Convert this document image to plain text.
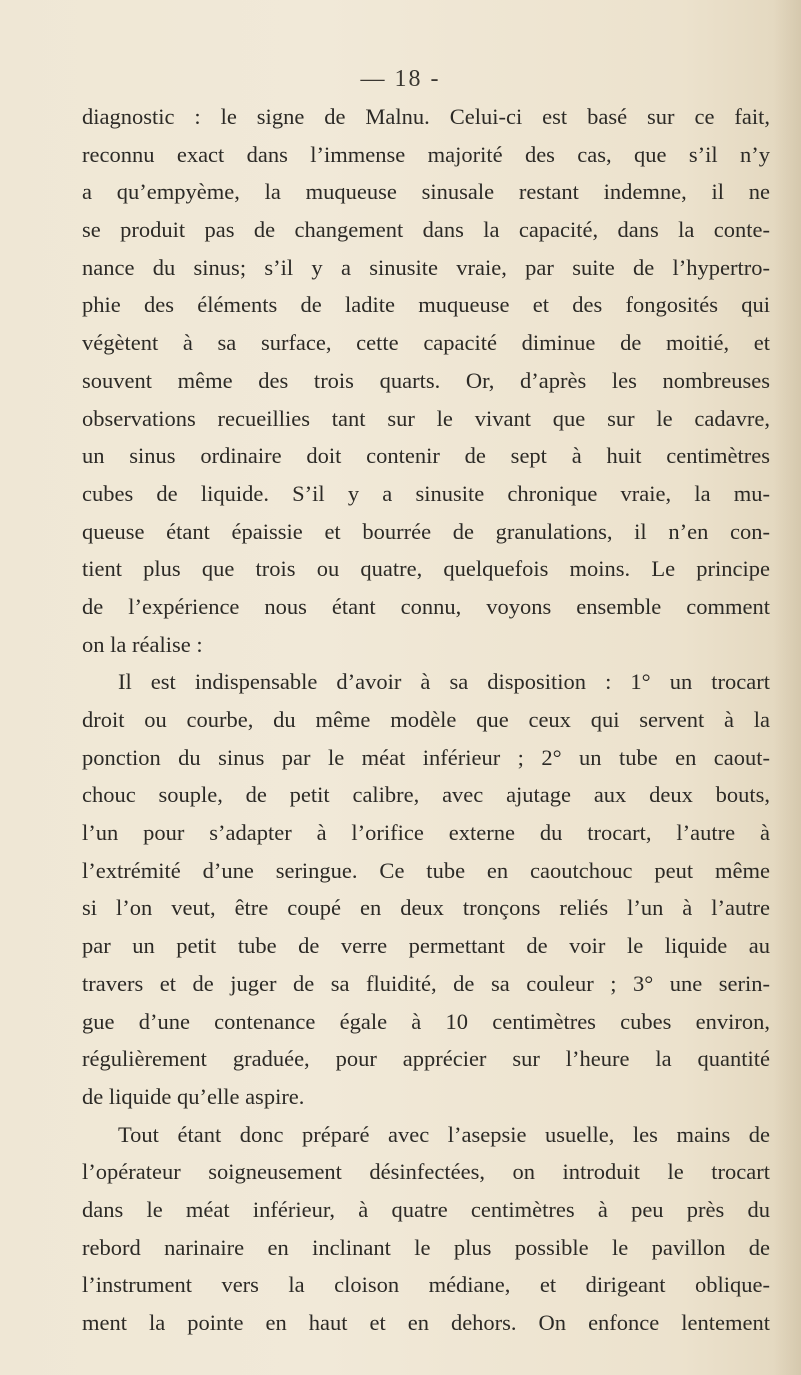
— 18 -
diagnostic : le signe de Malnu. Celui-ci est basé sur ce fait,
reconnu exact dans l’immense majorité des cas, que s’il n’y
a qu’empyème, la muqueuse sinusale restant indemne, il ne
se produit pas de changement dans la capacité, dans la conte-
nance du sinus; s’il y a sinusite vraie, par suite de l’hypertro-
phie des éléments de ladite muqueuse et des fongosités qui
végètent à sa surface, cette capacité diminue de moitié, et
souvent même des trois quarts. Or, d’après les nombreuses
observations recueillies tant sur le vivant que sur le cadavre,
un sinus ordinaire doit contenir de sept à huit centimètres
cubes de liquide. S’il y a sinusite chronique vraie, la mu-
queuse étant épaissie et bourrée de granulations, il n’en con-
tient plus que trois ou quatre, quelquefois moins. Le principe
de l’expérience nous étant connu, voyons ensemble comment
on la réalise :
Il est indispensable d’avoir à sa disposition : 1° un trocart
droit ou courbe, du même modèle que ceux qui servent à la
ponction du sinus par le méat inférieur ; 2° un tube en caout-
chouc souple, de petit calibre, avec ajutage aux deux bouts,
l’un pour s’adapter à l’orifice externe du trocart, l’autre à
l’extrémité d’une seringue. Ce tube en caoutchouc peut même
si l’on veut, être coupé en deux tronçons reliés l’un à l’autre
par un petit tube de verre permettant de voir le liquide au
travers et de juger de sa fluidité, de sa couleur ; 3° une serin-
gue d’une contenance égale à 10 centimètres cubes environ,
régulièrement graduée, pour apprécier sur l’heure la quantité
de liquide qu’elle aspire.
Tout étant donc préparé avec l’asepsie usuelle, les mains de
l’opérateur soigneusement désinfectées, on introduit le trocart
dans le méat inférieur, à quatre centimètres à peu près du
rebord narinaire en inclinant le plus possible le pavillon de
l’instrument vers la cloison médiane, et dirigeant oblique-
ment la pointe en haut et en dehors. On enfonce lentement
